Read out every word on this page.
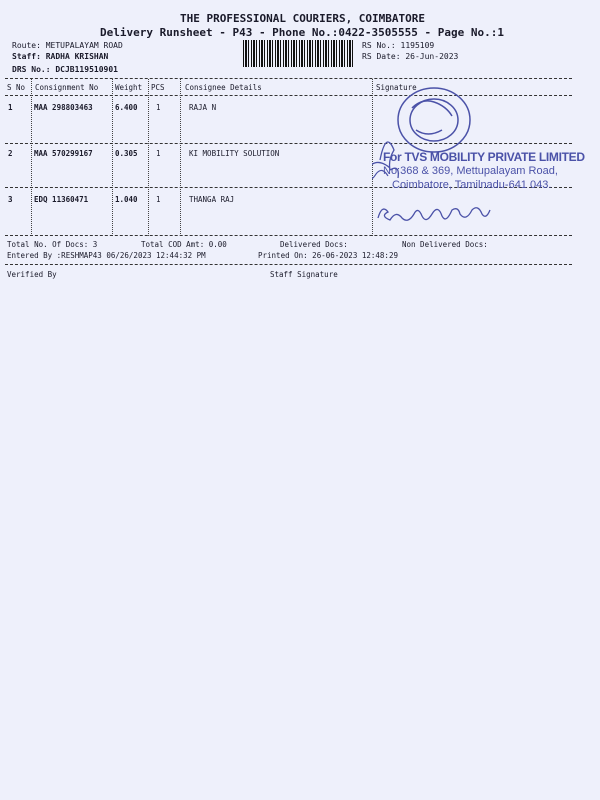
THE PROFESSIONAL COURIERS, COIMBATORE
Delivery Runsheet - P43 - Phone No.:0422-3505555 - Page No.:1
Route: METUPALAYAM ROAD
Staff: RADHA KRISHAN
DRS No.: DCJB119510901
RS No.: 1195109
RS Date: 26-Jun-2023
S No Consignment No Weight PCS	Consignee Details	Signature
1	MAA 298803463	6.400 1	RAJA N
2	MAA 570299167	0.305 1	KI MOBILITY SOLUTION
3	EDQ 11360471	1.040 1	THANGA RAJ
For TVS MOBILITY PRIVATE LIMITED
No:368 & 369, Mettupalayam Road,
Coimbatore, Tamilnadu-641 043.
Total No. Of Docs: 3	Total COD Amt: 0.00	Delivered Docs:	Non Delivered Docs:
Entered By :RESHMAP43 06/26/2023 12:44:32 PM	Printed On: 26-06-2023 12:48:29
Verified By	Staff Signature
